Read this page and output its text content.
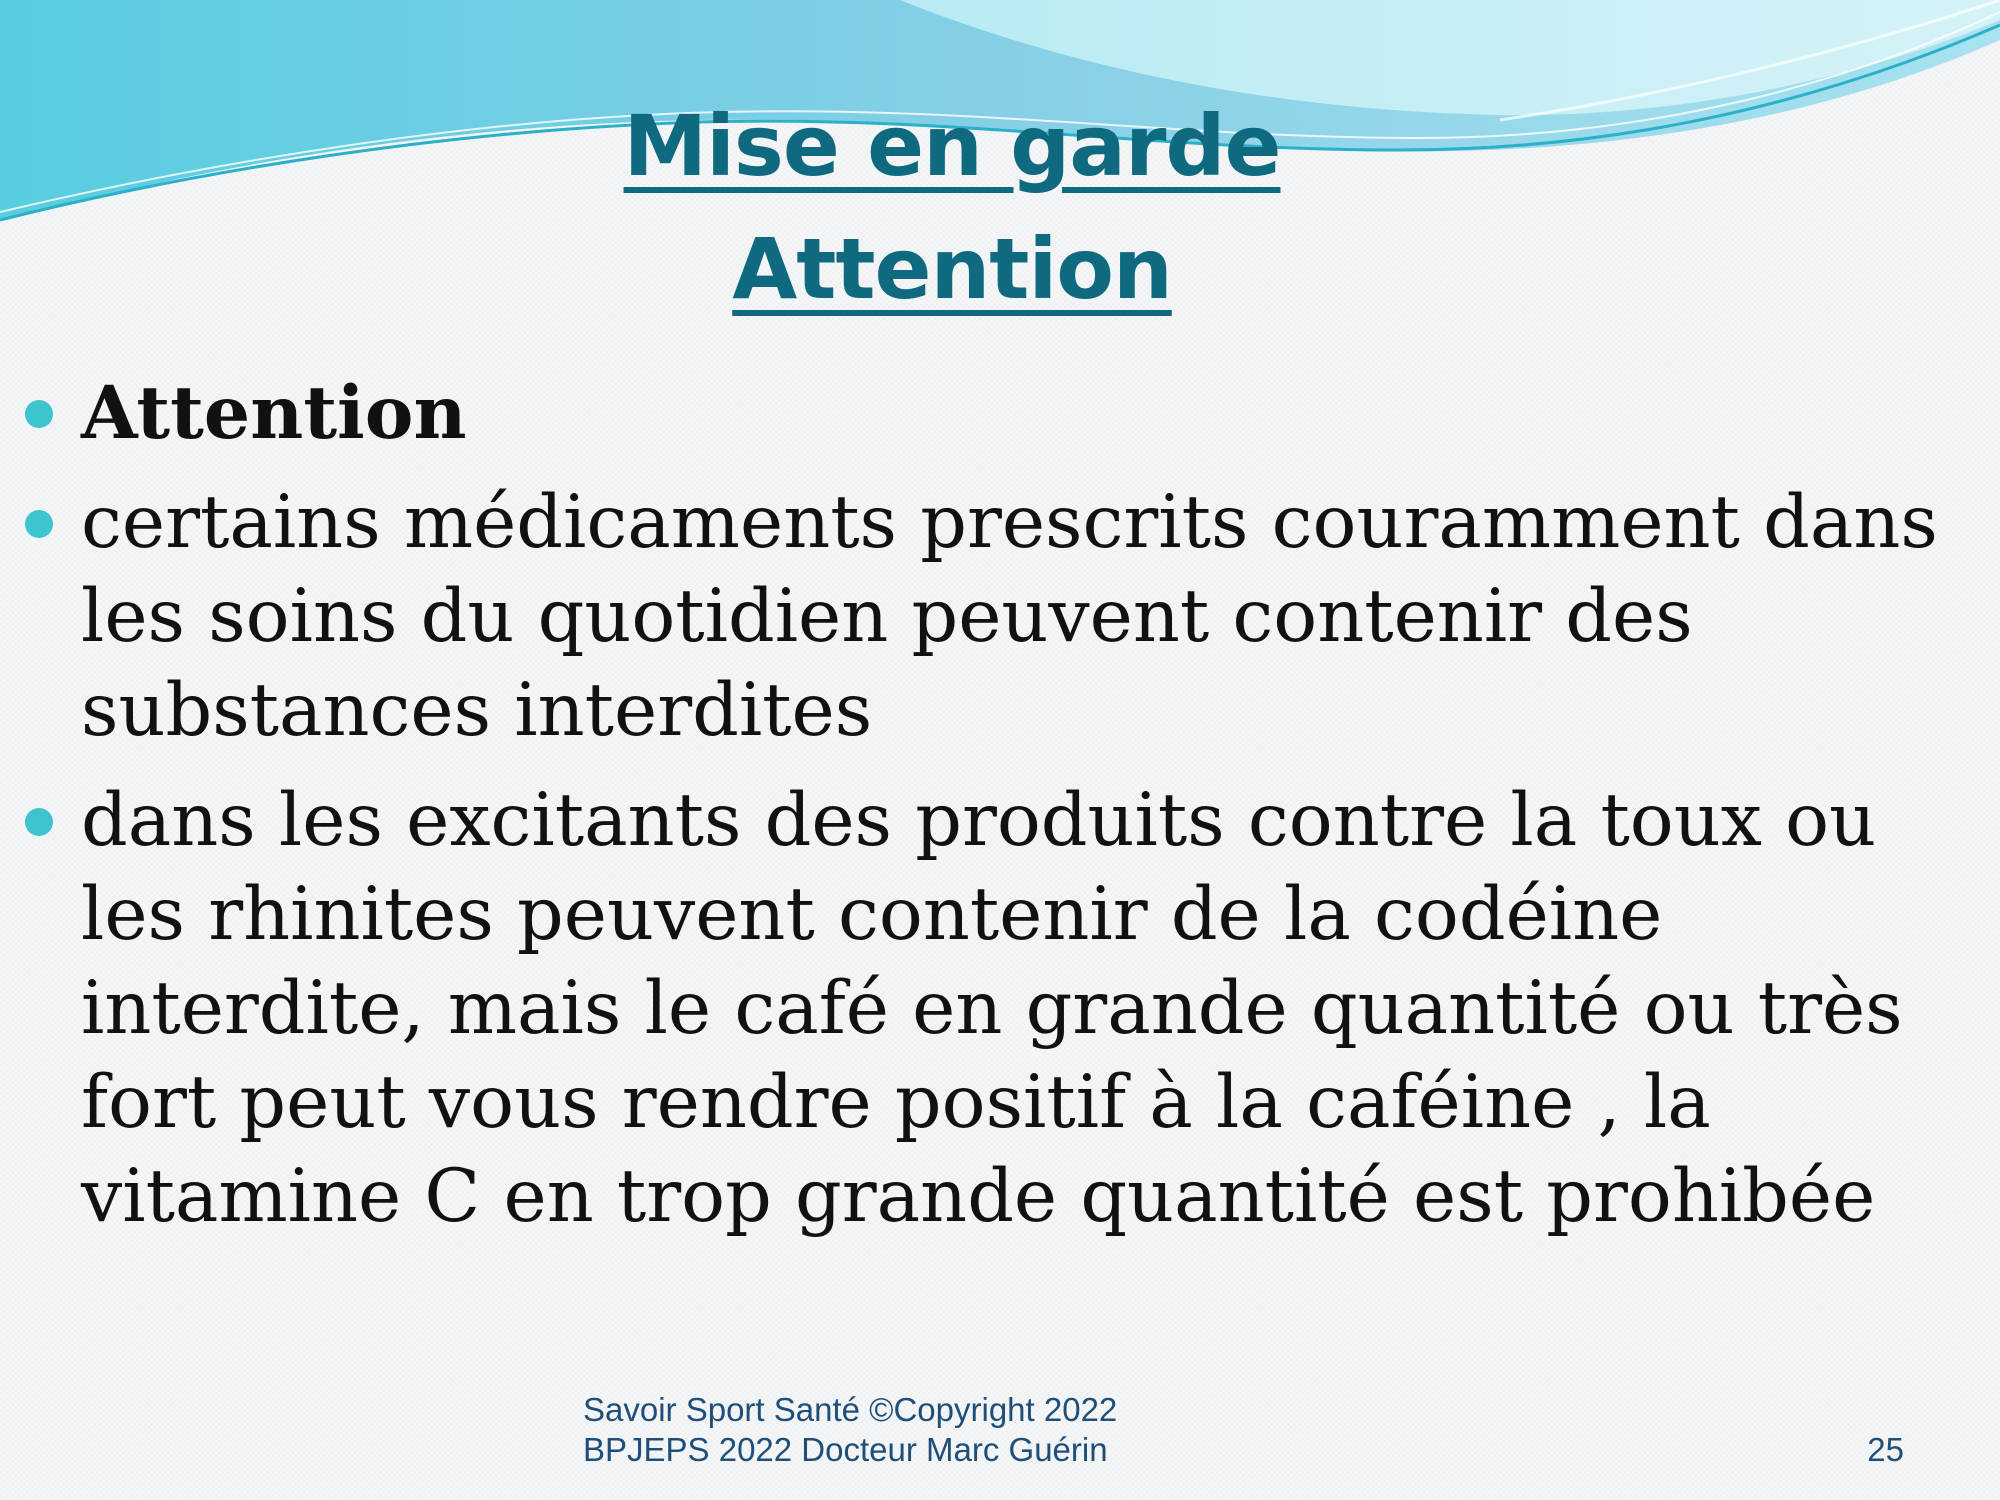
Mise en garde
Attention
Attention
certains médicaments prescrits couramment dans les soins du quotidien peuvent contenir des substances interdites
dans les excitants des produits contre la toux ou les rhinites peuvent contenir de la codéine interdite, mais le café en grande quantité ou très fort peut vous rendre positif à la caféine , la vitamine C en trop grande quantité est prohibée
Savoir Sport Santé ©Copyright 2022
BPJEPS 2022 Docteur Marc Guérin	25
